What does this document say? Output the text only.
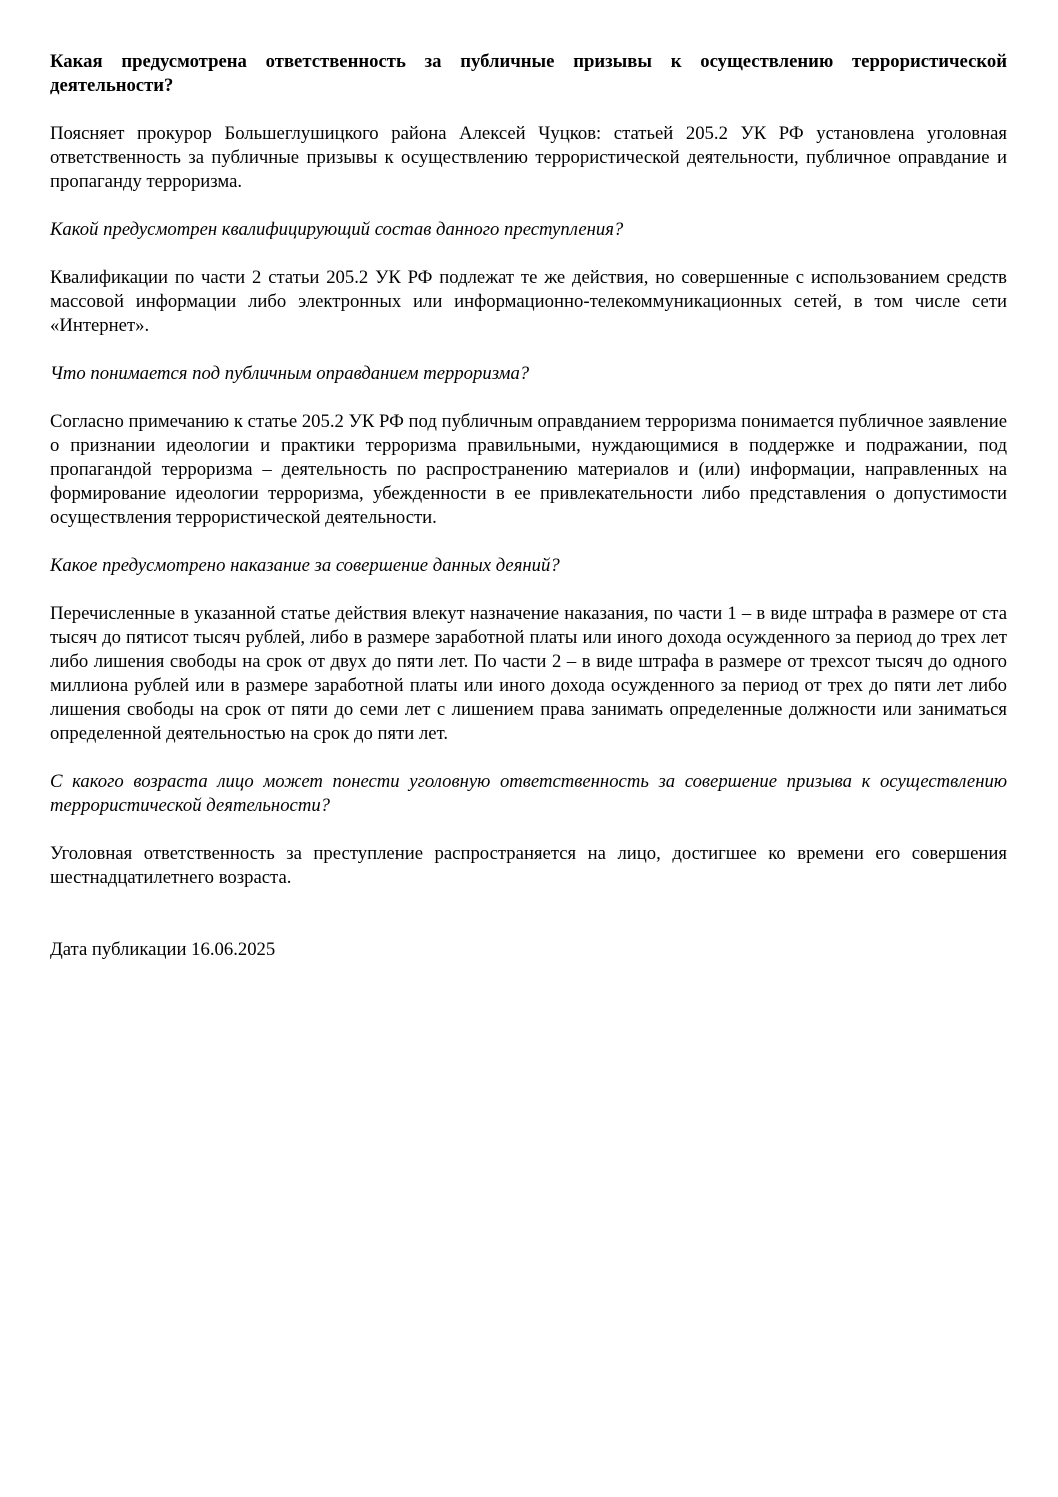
Какая предусмотрена ответственность за публичные призывы к осуществлению террористической деятельности?

Поясняет прокурор Большеглушицкого района Алексей Чуцков: статьей 205.2 УК РФ установлена уголовная ответственность за публичные призывы к осуществлению террористической деятельности, публичное оправдание и пропаганду терроризма.

Какой предусмотрен квалифицирующий состав данного преступления?

Квалификации по части 2 статьи 205.2 УК РФ подлежат те же действия, но совершенные с использованием средств массовой информации либо электронных или информационно-телекоммуникационных сетей, в том числе сети «Интернет».

Что понимается под публичным оправданием терроризма?

Согласно примечанию к статье 205.2 УК РФ под публичным оправданием терроризма понимается публичное заявление о признании идеологии и практики терроризма правильными, нуждающимися в поддержке и подражании, под пропагандой терроризма – деятельность по распространению материалов и (или) информации, направленных на формирование идеологии терроризма, убежденности в ее привлекательности либо представления о допустимости осуществления террористической деятельности.

Какое предусмотрено наказание за совершение данных деяний?

Перечисленные в указанной статье действия влекут назначение наказания, по части 1 – в виде штрафа в размере от ста тысяч до пятисот тысяч рублей, либо в размере заработной платы или иного дохода осужденного за период до трех лет либо лишения свободы на срок от двух до пяти лет. По части 2 – в виде штрафа в размере от трехсот тысяч до одного миллиона рублей или в размере заработной платы или иного дохода осужденного за период от трех до пяти лет либо лишения свободы на срок от пяти до семи лет с лишением права занимать определенные должности или заниматься определенной деятельностью на срок до пяти лет.

С какого возраста лицо может понести уголовную ответственность за совершение призыва к осуществлению террористической деятельности?

Уголовная ответственность за преступление распространяется на лицо, достигшее ко времени его совершения шестнадцатилетнего возраста.

Дата публикации 16.06.2025
